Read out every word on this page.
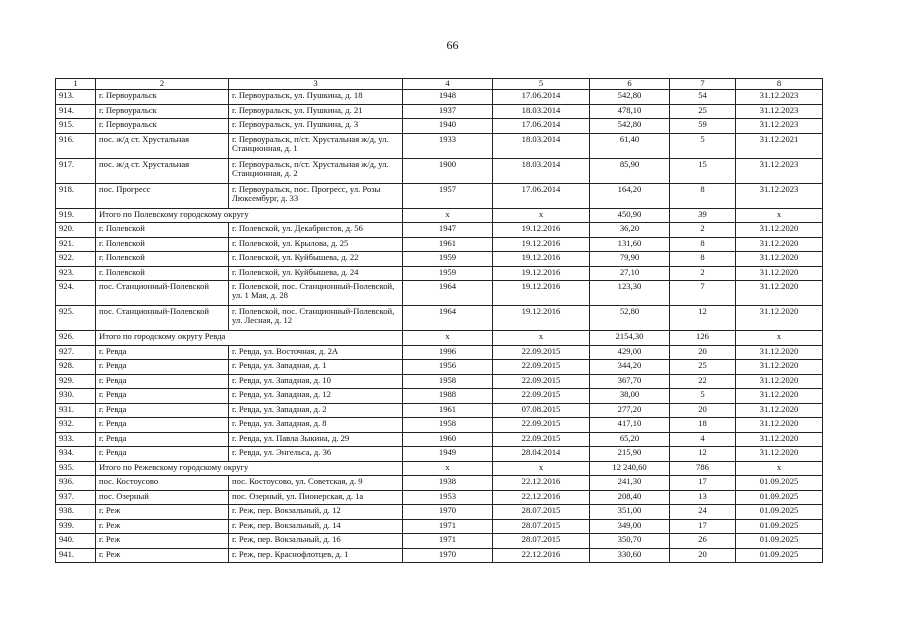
66
1	2	3	4	5	6	7	8
913.	г. Первоуральск	г. Первоуральск, ул. Пушкина, д. 18	1948	17.06.2014	542,80	54	31.12.2023
914.	г. Первоуральск	г. Первоуральск, ул. Пушкина, д. 21	1937	18.03.2014	478,10	25	31.12.2023
915.	г. Первоуральск	г. Первоуральск, ул. Пушкина, д. 3	1940	17.06.2014	542,80	59	31.12.2023
916.	пос. ж/д ст. Хрустальная	г. Первоуральск, п/ст. Хрустальная ж/д, ул. Станционная, д. 1	1933	18.03.2014	61,40	5	31.12.2021
917.	пос. ж/д ст. Хрустальная	г. Первоуральск, п/ст. Хрустальная ж/д, ул. Станционная, д. 2	1900	18.03.2014	85,90	15	31.12.2023
918.	пос. Прогресс	г. Первоуральск, пос. Прогресс, ул. Розы Люксембург, д. 33	1957	17.06.2014	164,20	8	31.12.2023
919.	Итого по Полевскому городскому округу		х	х	450,90	39	х
920.	г. Полевской	г. Полевской, ул. Декабристов, д. 56	1947	19.12.2016	36,20	2	31.12.2020
921.	г. Полевской	г. Полевской, ул. Крылова, д. 25	1961	19.12.2016	131,60	8	31.12.2020
922.	г. Полевской	г. Полевской, ул. Куйбышева, д. 22	1959	19.12.2016	79,90	8	31.12.2020
923.	г. Полевской	г. Полевской, ул. Куйбышева, д. 24	1959	19.12.2016	27,10	2	31.12.2020
924.	пос. Станционный-Полевской	г. Полевской, пос. Станционный-Полевской, ул. 1 Мая, д. 28	1964	19.12.2016	123,30	7	31.12.2020
925.	пос. Станционный-Полевской	г. Полевской, пос. Станционный-Полевской, ул. Лесная, д. 12	1964	19.12.2016	52,80	12	31.12.2020
926.	Итого по городскому округу Ревда		х	х	2154,30	126	х
927.	г. Ревда	г. Ревда, ул. Восточная, д. 2А	1996	22.09.2015	429,00	20	31.12.2020
928.	г. Ревда	г. Ревда, ул. Западная, д. 1	1956	22.09.2015	344,20	25	31.12.2020
929.	г. Ревда	г. Ревда, ул. Западная, д. 10	1958	22.09.2015	367,70	22	31.12.2020
930.	г. Ревда	г. Ревда, ул. Западная, д. 12	1988	22.09.2015	38,00	5	31.12.2020
931.	г. Ревда	г. Ревда, ул. Западная, д. 2	1961	07.08.2015	277,20	20	31.12.2020
932.	г. Ревда	г. Ревда, ул. Западная, д. 8	1958	22.09.2015	417,10	18	31.12.2020
933.	г. Ревда	г. Ревда, ул. Павла Зыкина, д. 29	1960	22.09.2015	65,20	4	31.12.2020
934.	г. Ревда	г. Ревда, ул. Энгельса, д. 36	1949	28.04.2014	215,90	12	31.12.2020
935.	Итого по Режевскому городскому округу		х	х	12 240,60	786	х
936.	пос. Костоусово	пос. Костоусово, ул. Советская, д. 9	1938	22.12.2016	241,30	17	01.09.2025
937.	пос. Озерный	пос. Озерный, ул. Пионерская, д. 1а	1953	22.12.2016	208,40	13	01.09.2025
938.	г. Реж	г. Реж, пер. Вокзальный, д. 12	1970	28.07.2015	351,00	24	01.09.2025
939.	г. Реж	г. Реж, пер. Вокзальный, д. 14	1971	28.07.2015	349,00	17	01.09.2025
940.	г. Реж	г. Реж, пер. Вокзальный, д. 16	1971	28.07.2015	350,70	26	01.09.2025
941.	г. Реж	г. Реж, пер. Краснофлотцев, д. 1	1970	22.12.2016	330,60	20	01.09.2025
